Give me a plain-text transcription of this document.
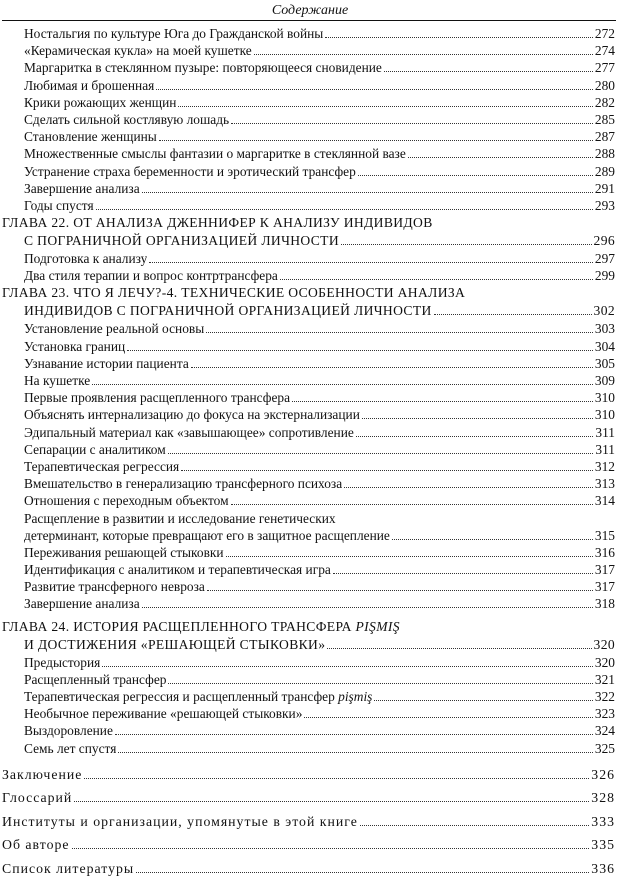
Содержание
Ностальгия по культуре Юга до Гражданской войны	272
«Керамическая кукла» на моей кушетке	274
Маргаритка в стеклянном пузыре: повторяющееся сновидение	277
Любимая и брошенная	280
Крики рожающих женщин	282
Сделать сильной костлявую лошадь	285
Становление женщины	287
Множественные смыслы фантазии о маргаритке в стеклянной вазе	288
Устранение страха беременности и эротический трансфер	289
Завершение анализа	291
Годы спустя	293
ГЛАВА 22. ОТ АНАЛИЗА ДЖЕННИФЕР К АНАЛИЗУ ИНДИВИДОВ
С ПОГРАНИЧНОЙ ОРГАНИЗАЦИЕЙ ЛИЧНОСТИ	296
Подготовка к анализу	297
Два стиля терапии и вопрос контртрансфера	299
ГЛАВА 23. ЧТО Я ЛЕЧУ?-4. ТЕХНИЧЕСКИЕ ОСОБЕННОСТИ АНАЛИЗА
ИНДИВИДОВ С ПОГРАНИЧНОЙ ОРГАНИЗАЦИЕЙ ЛИЧНОСТИ	302
Установление реальной основы	303
Установка границ	304
Узнавание истории пациента	305
На кушетке	309
Первые проявления расщепленного трансфера	310
Объяснять интернализацию до фокуса на экстернализации	310
Эдипальный материал как «завышающее» сопротивление	311
Сепарации с аналитиком	311
Терапевтическая регрессия	312
Вмешательство в генерализацию трансферного психоза	313
Отношения с переходным объектом	314
Расщепление в развитии и исследование генетических
детерминант, которые превращают его в защитное расщепление	315
Переживания решающей стыковки	316
Идентификация с аналитиком и терапевтическая игра	317
Развитие трансферного невроза	317
Завершение анализа	318
ГЛАВА 24. ИСТОРИЯ РАСЩЕПЛЕННОГО ТРАНСФЕРА PIŞMIŞ
И ДОСТИЖЕНИЯ «РЕШАЮЩЕЙ СТЫКОВКИ»	320
Предыстория	320
Расщепленный трансфер	321
Терапевтическая регрессия и расщепленный трансфер pişmiş	322
Необычное переживание «решающей стыковки»	323
Выздоровление	324
Семь лет спустя	325
Заключение	326
Глоссарий	328
Институты и организации, упомянутые в этой книге	333
Об авторе	335
Список литературы	336
